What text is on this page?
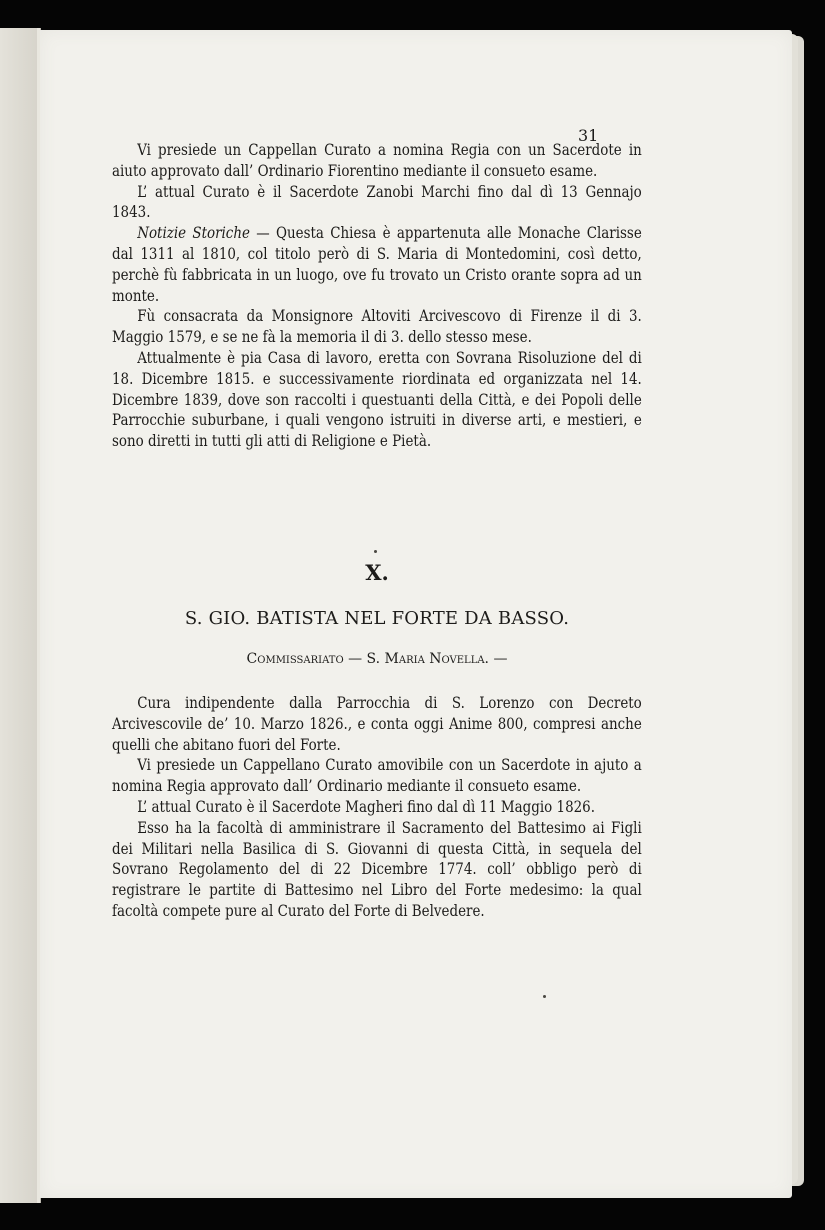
31

Vi presiede un Cappellan Curato a nomina Regia con un Sacerdote in aiuto approvato dall’ Ordinario Fiorentino mediante il consueto esame.

L’ attual Curato è il Sacerdote Zanobi Marchi fino dal dì 13 Gennajo 1843.

Notizie Storiche — Questa Chiesa è appartenuta alle Monache Clarisse dal 1311 al 1810, col titolo però di S. Maria di Montedomini, così detto, perchè fù fabbricata in un luogo, ove fu trovato un Cristo orante sopra ad un monte.

Fù consacrata da Monsignore Altoviti Arcivescovo di Firenze il di 3. Maggio 1579, e se ne fà la memoria il di 3. dello stesso mese.

Attualmente è pia Casa di lavoro, eretta con Sovrana Risoluzione del di 18. Dicembre 1815. e successivamente riordinata ed organizzata nel 14. Dicembre 1839, dove son raccolti i questuanti della Città, e dei Popoli delle Parrocchie suburbane, i quali vengono istruiti in diverse arti, e mestieri, e sono diretti in tutti gli atti di Religione e Pietà.

X.
S. GIO. BATISTA NEL FORTE DA BASSO.
Commissariato — S. Maria Novella. —

Cura indipendente dalla Parrocchia di S. Lorenzo con Decreto Arcivescovile de’ 10. Marzo 1826., e conta oggi Anime 800, compresi anche quelli che abitano fuori del Forte.

Vi presiede un Cappellano Curato amovibile con un Sacerdote in ajuto a nomina Regia approvato dall’ Ordinario mediante il consueto esame.

L’ attual Curato è il Sacerdote Magheri fino dal dì 11 Maggio 1826.

Esso ha la facoltà di amministrare il Sacramento del Battesimo ai Figli dei Militari nella Basilica di S. Giovanni di questa Città, in sequela del Sovrano Regolamento del di 22 Dicembre 1774. coll’ obbligo però di registrare le partite di Battesimo nel Libro del Forte medesimo: la qual facoltà compete pure al Curato del Forte di Belvedere.
